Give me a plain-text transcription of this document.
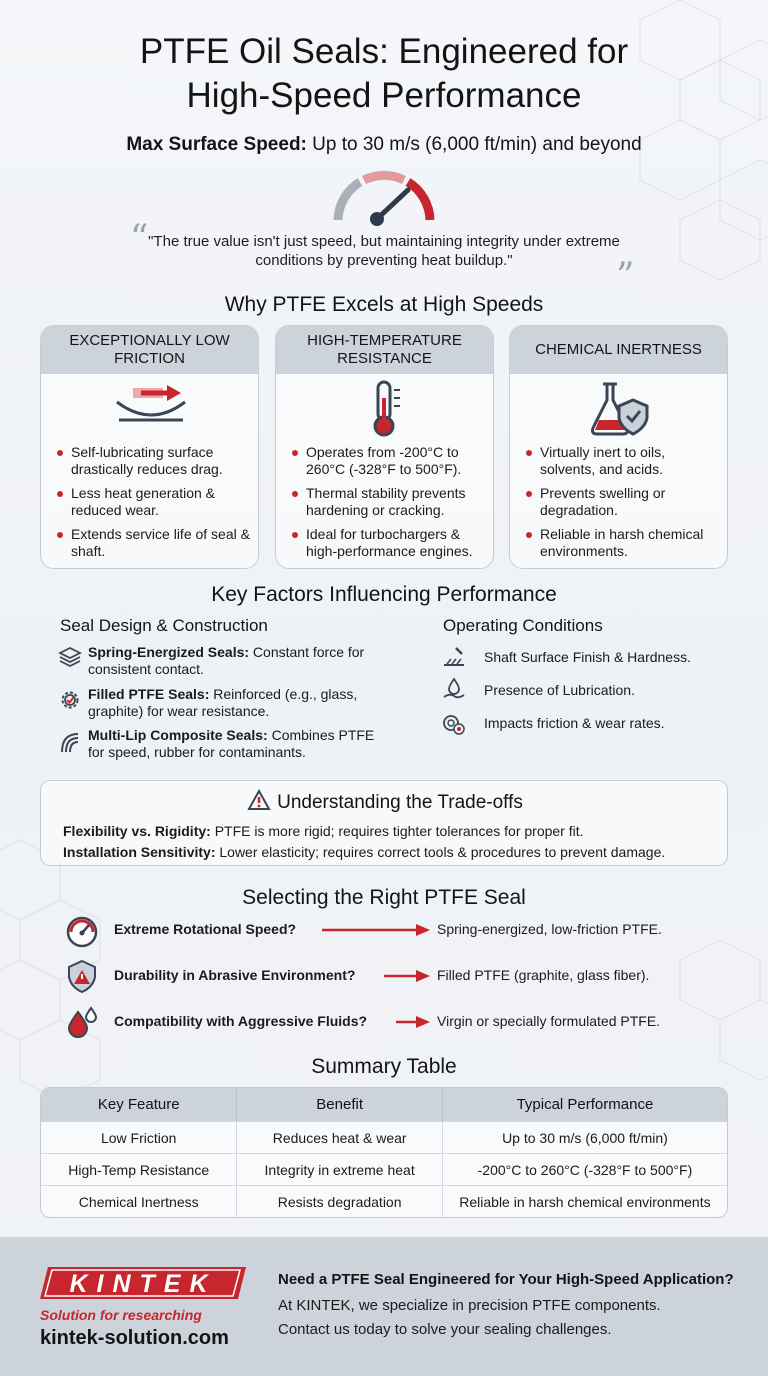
PTFE Oil Seals: Engineered for
High-Speed Performance
Max Surface Speed: Up to 30 m/s (6,000 ft/min) and beyond
“ "The true value isn't just speed, but maintaining integrity under extreme conditions by preventing heat buildup."	”
Why PTFE Excels at High Speeds
EXCEPTIONALLY LOW FRICTION
Self-lubricating surface drastically reduces drag.
Less heat generation & reduced wear.
Extends service life of seal & shaft.
HIGH-TEMPERATURE RESISTANCE
Operates from -200°C to 260°C (-328°F to 500°F).
Thermal stability prevents hardening or cracking.
Ideal for turbochargers & high-performance engines.
CHEMICAL INERTNESS
Virtually inert to oils, solvents, and acids.
Prevents swelling or degradation.
Reliable in harsh chemical environments.
Key Factors Influencing Performance
Seal Design & Construction
Spring-Energized Seals: Constant force for
consistent contact.
Filled PTFE Seals: Reinforced (e.g., glass,
graphite) for wear resistance.
Multi-Lip Composite Seals: Combines PTFE
for speed, rubber for contaminants.
Operating Conditions
Shaft Surface Finish & Hardness.
Presence of Lubrication.
Impacts friction & wear rates.
Understanding the Trade-offs
Flexibility vs. Rigidity: PTFE is more rigid; requires tighter tolerances for proper fit.
Installation Sensitivity: Lower elasticity; requires correct tools & procedures to prevent damage.
Selecting the Right PTFE Seal
Extreme Rotational Speed?	Spring-energized, low-friction PTFE.
Durability in Abrasive Environment?	Filled PTFE (graphite, glass fiber).
Compatibility with Aggressive Fluids?	Virgin or specially formulated PTFE.
Summary Table
Key Feature	Benefit	Typical Performance
Low Friction	Reduces heat & wear	Up to 30 m/s (6,000 ft/min)
High-Temp Resistance	Integrity in extreme heat	-200°C to 260°C (-328°F to 500°F)
Chemical Inertness	Resists degradation	Reliable in harsh chemical environments
KINTEK
Solution for researching
kintek-solution.com
Need a PTFE Seal Engineered for Your High-Speed Application?
At KINTEK, we specialize in precision PTFE components.
Contact us today to solve your sealing challenges.
